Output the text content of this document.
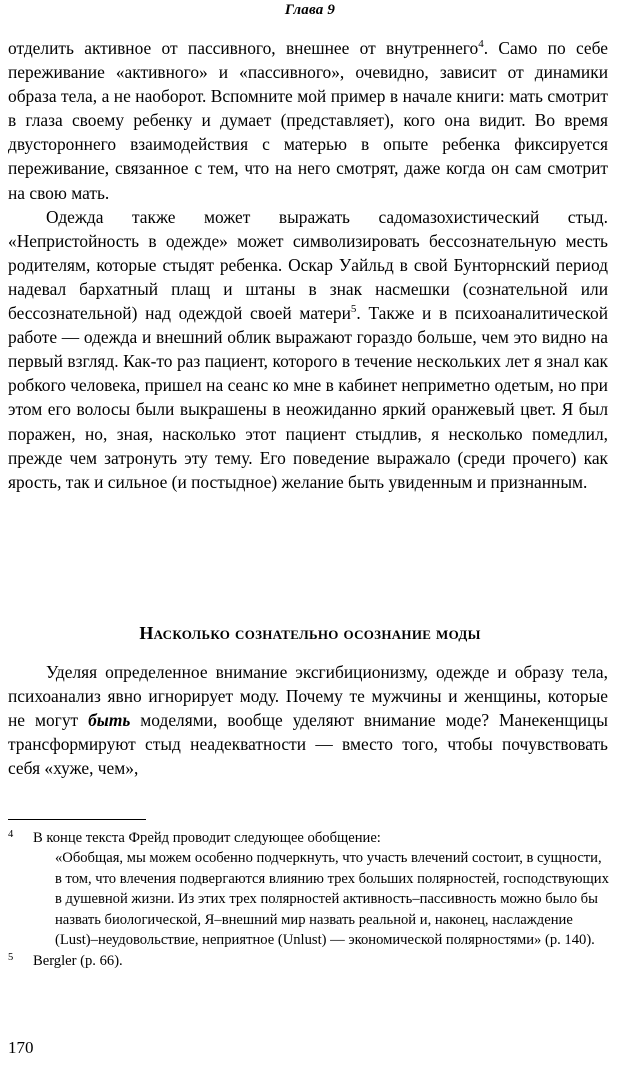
Глава 9

отделить активное от пассивного, внешнее от внутреннего$^4$. Само по себе переживание «активного» и «пассивного», очевидно, зависит от динамики образа тела, а не наоборот. Вспомните мой пример в начале книги: мать смотрит в глаза своему ребенку и думает (представляет), кого она видит. Во время двустороннего взаимодействия с матерью в опыте ребенка фиксируется переживание, связанное с тем, что на него смотрят, даже когда он сам смотрит на свою мать.

Одежда также может выражать садомазохистический стыд. «Непристойность в одежде» может символизировать бессознательную месть родителям, которые стыдят ребенка. Оскар Уайльд в свой Бунторнский период надевал бархатный плащ и штаны в знак насмешки (сознательной или бессознательной) над одеждой своей матери$^5$. Также и в психоаналитической работе — одежда и внешний облик выражают гораздо больше, чем это видно на первый взгляд. Как-то раз пациент, которого в течение нескольких лет я знал как робкого человека, пришел на сеанс ко мне в кабинет неприметно одетым, но при этом его волосы были выкрашены в неожиданно яркий оранжевый цвет. Я был поражен, но, зная, насколько этот пациент стыдлив, я несколько помедлил, прежде чем затронуть эту тему. Его поведение выражало (среди прочего) как ярость, так и сильное (и постыдное) желание быть увиденным и признанным.

Насколько сознательно осознание моды

Уделяя определенное внимание эксгибиционизму, одежде и образу тела, психоанализ явно игнорирует моду. Почему те мужчины и женщины, которые не могут быть моделями, вообще уделяют внимание моде? Манекенщицы трансформируют стыд неадекватности — вместо того, чтобы почувствовать себя «хуже, чем»,

4 В конце текста Фрейд проводит следующее обобщение:

«Обобщая, мы можем особенно подчеркнуть, что участь влечений состоит, в сущности, в том, что влечения подвергаются влиянию трех больших полярностей, господствующих в душевной жизни. Из этих трех полярностей активность–пассивность можно было бы назвать биологической, Я–внешний мир назвать реальной и, наконец, наслаждение (Lust)–неудовольствие, неприятное (Unlust) — экономической полярностями» (p. 140).

5 Bergler (p. 66).

170
